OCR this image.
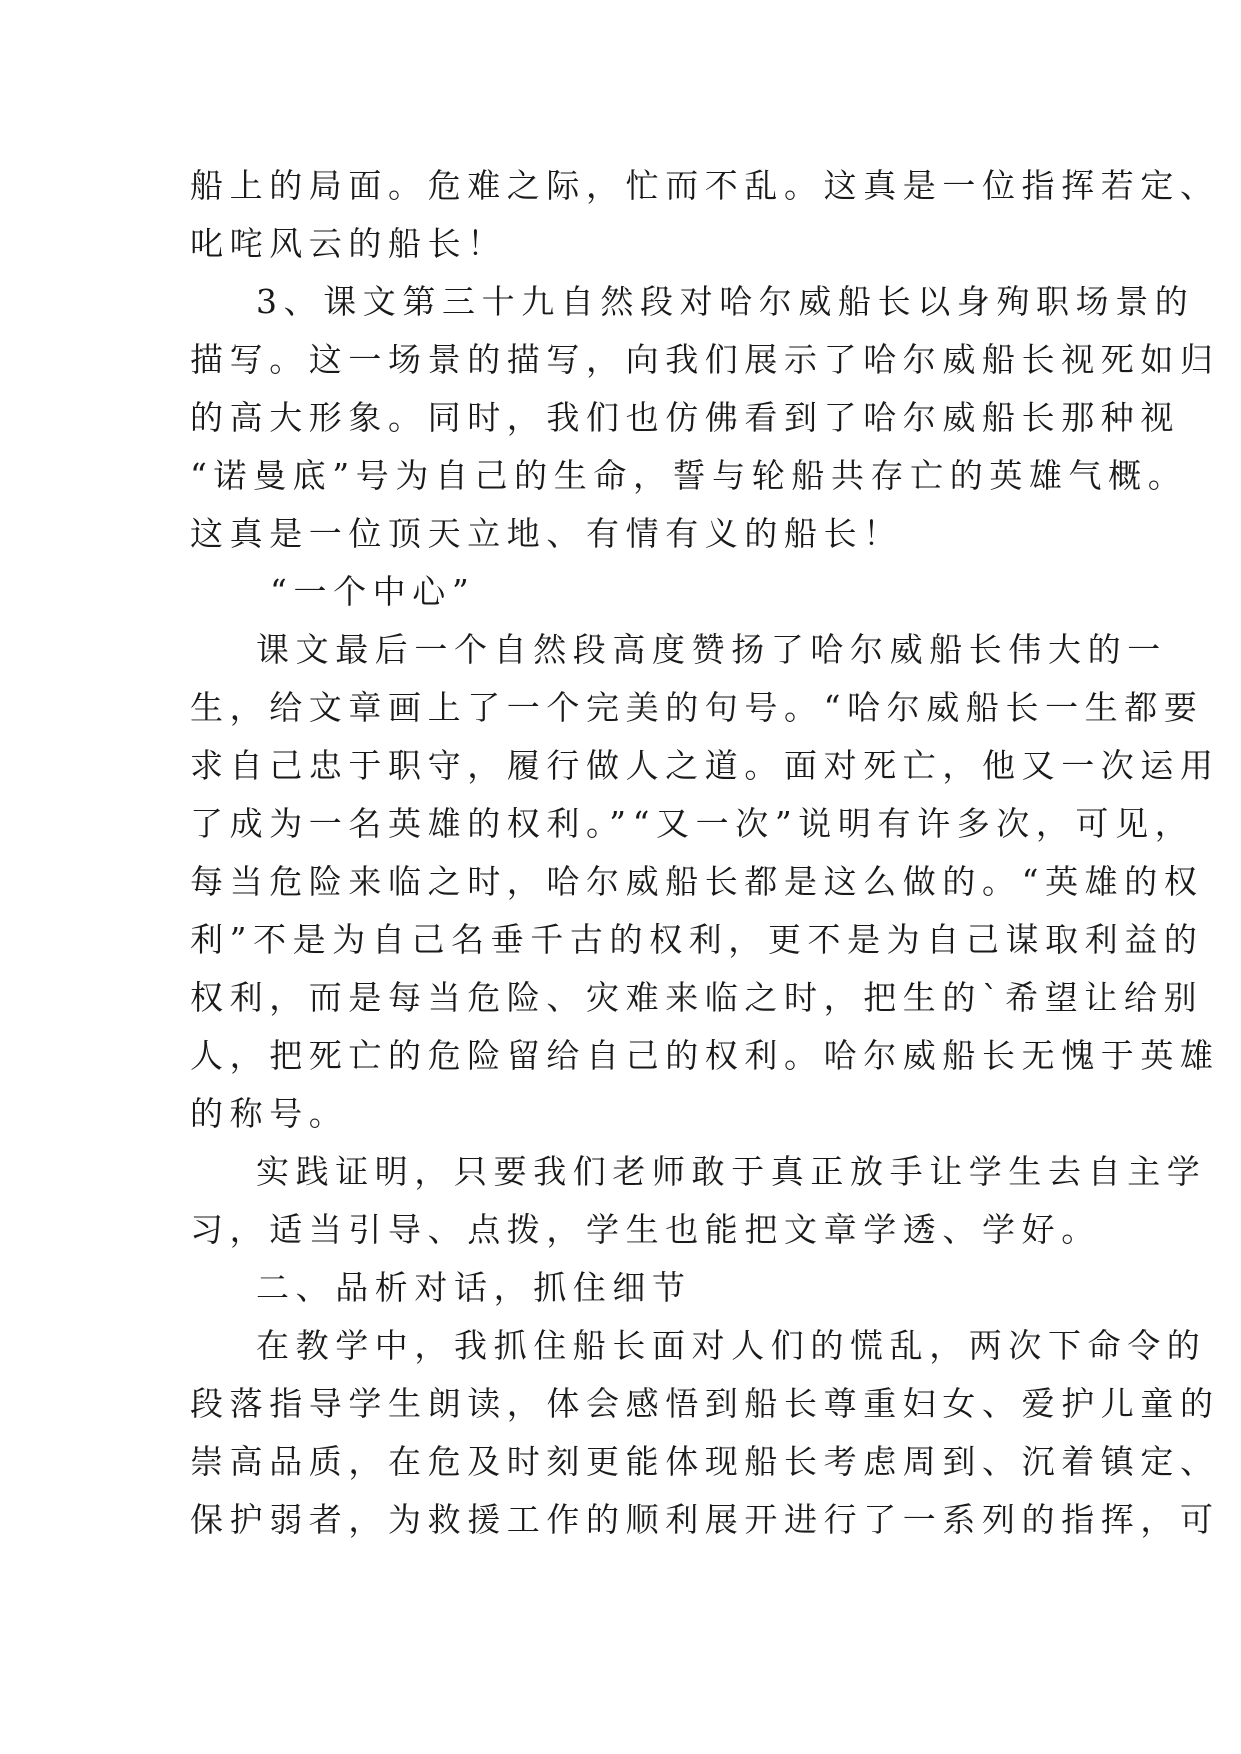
船上的局面。危难之际，忙而不乱。这真是一位指挥若定、
叱咤风云的船长！
3、课文第三十九自然段对哈尔威船长以身殉职场景的
描写。这一场景的描写，向我们展示了哈尔威船长视死如归
的高大形象。同时，我们也仿佛看到了哈尔威船长那种视
“诺曼底”号为自己的生命，誓与轮船共存亡的英雄气概。
这真是一位顶天立地、有情有义的船长！
“一个中心”
课文最后一个自然段高度赞扬了哈尔威船长伟大的一
生，给文章画上了一个完美的句号。“哈尔威船长一生都要
求自己忠于职守，履行做人之道。面对死亡，他又一次运用
了成为一名英雄的权利。”“又一次”说明有许多次，可见，
每当危险来临之时，哈尔威船长都是这么做的。“英雄的权
利”不是为自己名垂千古的权利，更不是为自己谋取利益的
权利，而是每当危险、灾难来临之时，把生的`希望让给别
人，把死亡的危险留给自己的权利。哈尔威船长无愧于英雄
的称号。
实践证明，只要我们老师敢于真正放手让学生去自主学
习，适当引导、点拨，学生也能把文章学透、学好。
二、品析对话，抓住细节
在教学中，我抓住船长面对人们的慌乱，两次下命令的
段落指导学生朗读，体会感悟到船长尊重妇女、爱护儿童的
崇高品质，在危及时刻更能体现船长考虑周到、沉着镇定、
保护弱者，为救援工作的顺利展开进行了一系列的指挥，可
